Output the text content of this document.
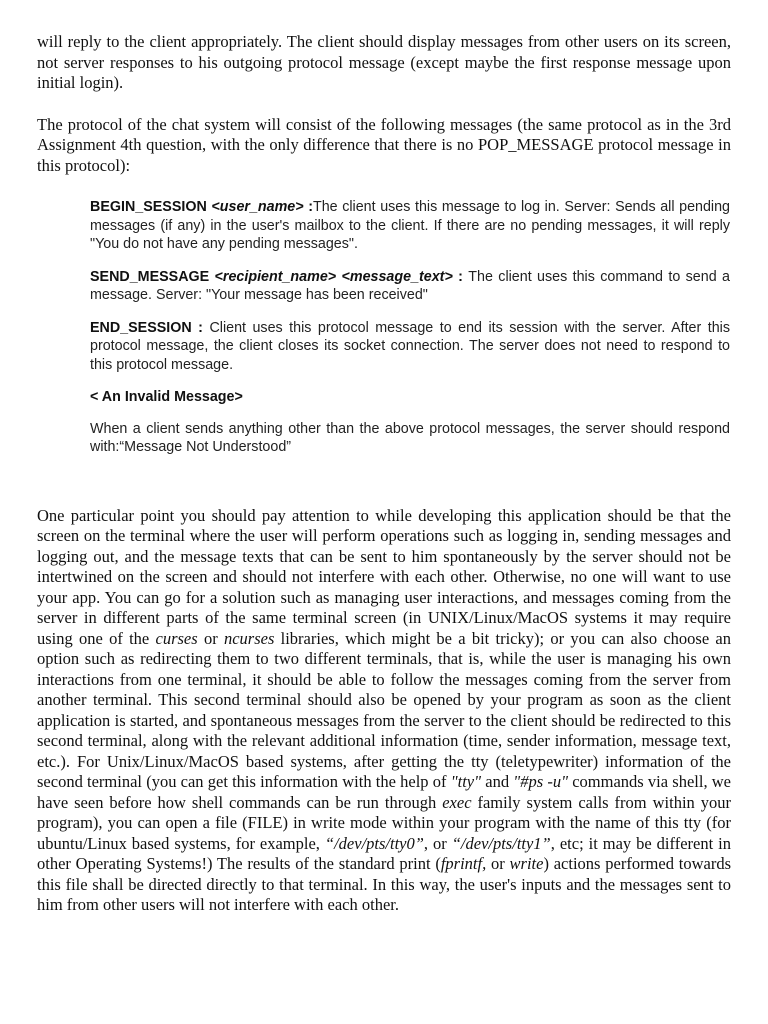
will reply to the client appropriately. The client should display messages from other users on its screen, not server responses to his outgoing protocol message (except maybe the first response message upon initial login).

The protocol of the chat system will consist of the following messages (the same protocol as in the 3rd Assignment 4th question, with the only difference that there is no POP_MESSAGE protocol message in this protocol):

BEGIN_SESSION <user_name> :The client uses this message to log in. Server: Sends all pending messages (if any) in the user's mailbox to the client. If there are no pending messages, it will reply "You do not have any pending messages".

SEND_MESSAGE <recipient_name> <message_text> : The client uses this command to send a message. Server: "Your message has been received"

END_SESSION : Client uses this protocol message to end its session with the server. After this protocol message, the client closes its socket connection. The server does not need to respond to this protocol message.

< An Invalid Message>

When a client sends anything other than the above protocol messages, the server should respond with:“Message Not Understood”

One particular point you should pay attention to while developing this application should be that the screen on the terminal where the user will perform operations such as logging in, sending messages and logging out, and the message texts that can be sent to him spontaneously by the server should not be intertwined on the screen and should not interfere with each other. Otherwise, no one will want to use your app. You can go for a solution such as managing user interactions, and messages coming from the server in different parts of the same terminal screen (in UNIX/Linux/MacOS systems it may require using one of the curses or ncurses libraries, which might be a bit tricky); or you can also choose an option such as redirecting them to two different terminals, that is, while the user is managing his own interactions from one terminal, it should be able to follow the messages coming from the server from another terminal. This second terminal should also be opened by your program as soon as the client application is started, and spontaneous messages from the server to the client should be redirected to this second terminal, along with the relevant additional information (time, sender information, message text, etc.). For Unix/Linux/MacOS based systems, after getting the tty (teletypewriter) information of the second terminal (you can get this information with the help of "tty" and "#ps -u" commands via shell, we have seen before how shell commands can be run through exec family system calls from within your program), you can open a file (FILE) in write mode within your program with the name of this tty (for ubuntu/Linux based systems, for example, “/dev/pts/tty0”, or “/dev/pts/tty1”, etc; it may be different in other Operating Systems!) The results of the standard print (fprintf, or write) actions performed towards this file shall be directed directly to that terminal. In this way, the user's inputs and the messages sent to him from other users will not interfere with each other.
